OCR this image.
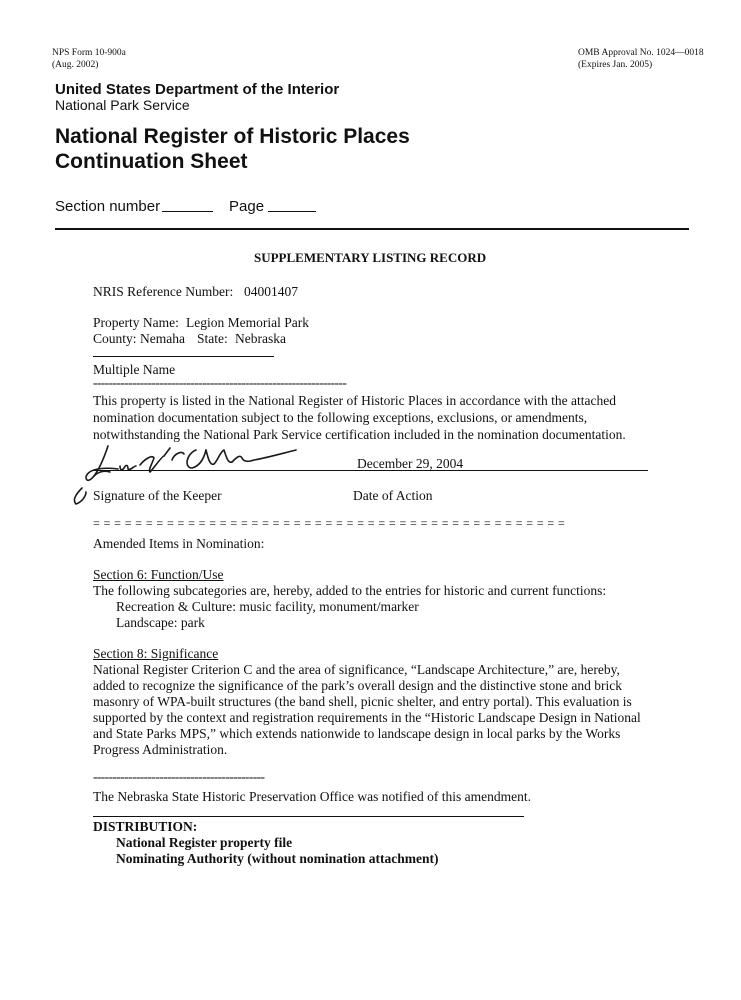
NPS Form 10-900a

(Aug. 2002)

OMB Approval No. 1024—0018

(Expires Jan. 2005)

United States Department of the Interior

National Park Service

National Register of Historic Places

Continuation Sheet

Section number	Page

SUPPLEMENTARY LISTING RECORD

NRIS Reference Number: 04001407

Property Name: Legion Memorial Park

County: Nemaha State: Nebraska

Multiple Name

-----------------------------------------------------------------

This property is listed in the National Register of Historic Places in accordance with the attached

nomination documentation subject to the following exceptions, exclusions, or amendments,

notwithstanding the National Park Service certification included in the nomination documentation.

December 29, 2004

Signature of the Keeper	Date of Action

= = = = = = = = = = = = = = = = = = = = = = = = = = = = = = = = = = = = = = = = = = = = =

Amended Items in Nomination:

Section 6: Function/Use

The following subcategories are, hereby, added to the entries for historic and current functions:

Recreation & Culture: music facility, monument/marker

Landscape: park

Section 8: Significance

National Register Criterion C and the area of significance, “Landscape Architecture,” are, hereby,

added to recognize the significance of the park’s overall design and the distinctive stone and brick

masonry of WPA-built structures (the band shell, picnic shelter, and entry portal). This evaluation is

supported by the context and registration requirements in the “Historic Landscape Design in National

and State Parks MPS,” which extends nationwide to landscape design in local parks by the Works

Progress Administration.

--------------------------------------------

The Nebraska State Historic Preservation Office was notified of this amendment.

DISTRIBUTION:

National Register property file

Nominating Authority (without nomination attachment)
